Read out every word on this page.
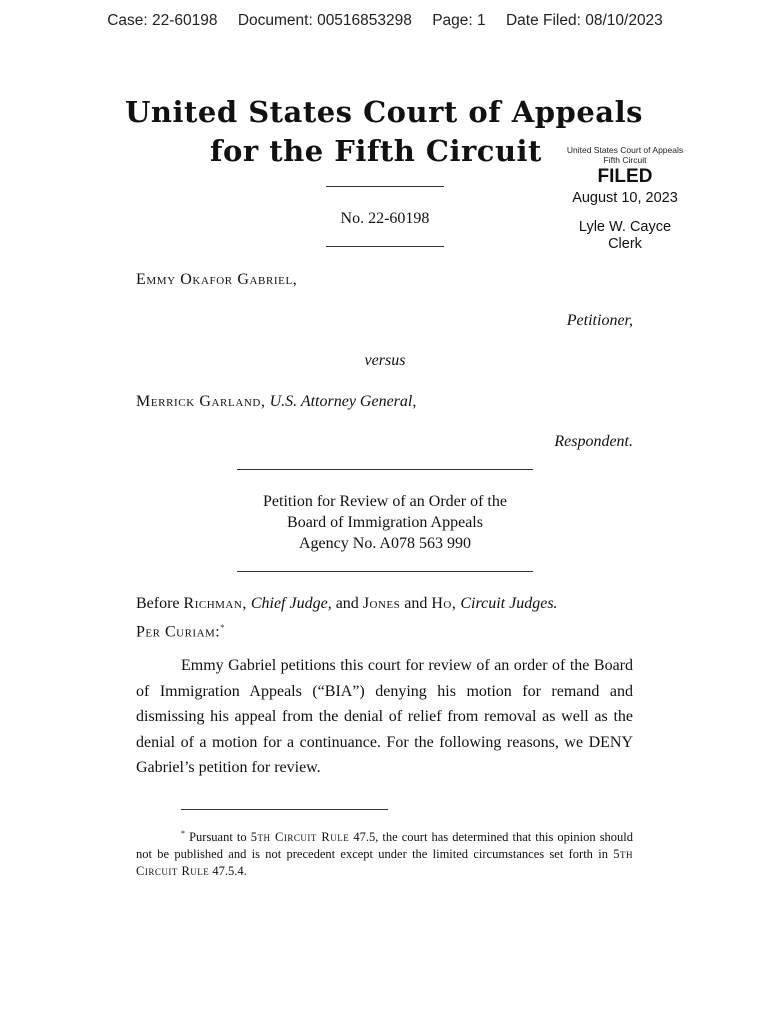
Case: 22-60198 Document: 00516853298 Page: 1 Date Filed: 08/10/2023
United States Court of Appeals
for the Fifth Circuit	United States Court of Appeals
Fifth Circuit
FILED
August 10, 2023
Lyle W. Cayce
Clerk
No. 22-60198
Emmy Okafor Gabriel,
Petitioner,
versus
Merrick Garland, U.S. Attorney General,
Respondent.
Petition for Review of an Order of the
Board of Immigration Appeals
Agency No. A078 563 990
Before Richman, Chief Judge, and Jones and Ho, Circuit Judges.
Per Curiam:*
Emmy Gabriel petitions this court for review of an order of the Board of Immigration Appeals (“BIA”) denying his motion for remand and dismissing his appeal from the denial of relief from removal as well as the denial of a motion for a continuance. For the following reasons, we DENY Gabriel’s petition for review.
* Pursuant to 5th Circuit Rule 47.5, the court has determined that this opinion should not be published and is not precedent except under the limited circumstances set forth in 5th Circuit Rule 47.5.4.
